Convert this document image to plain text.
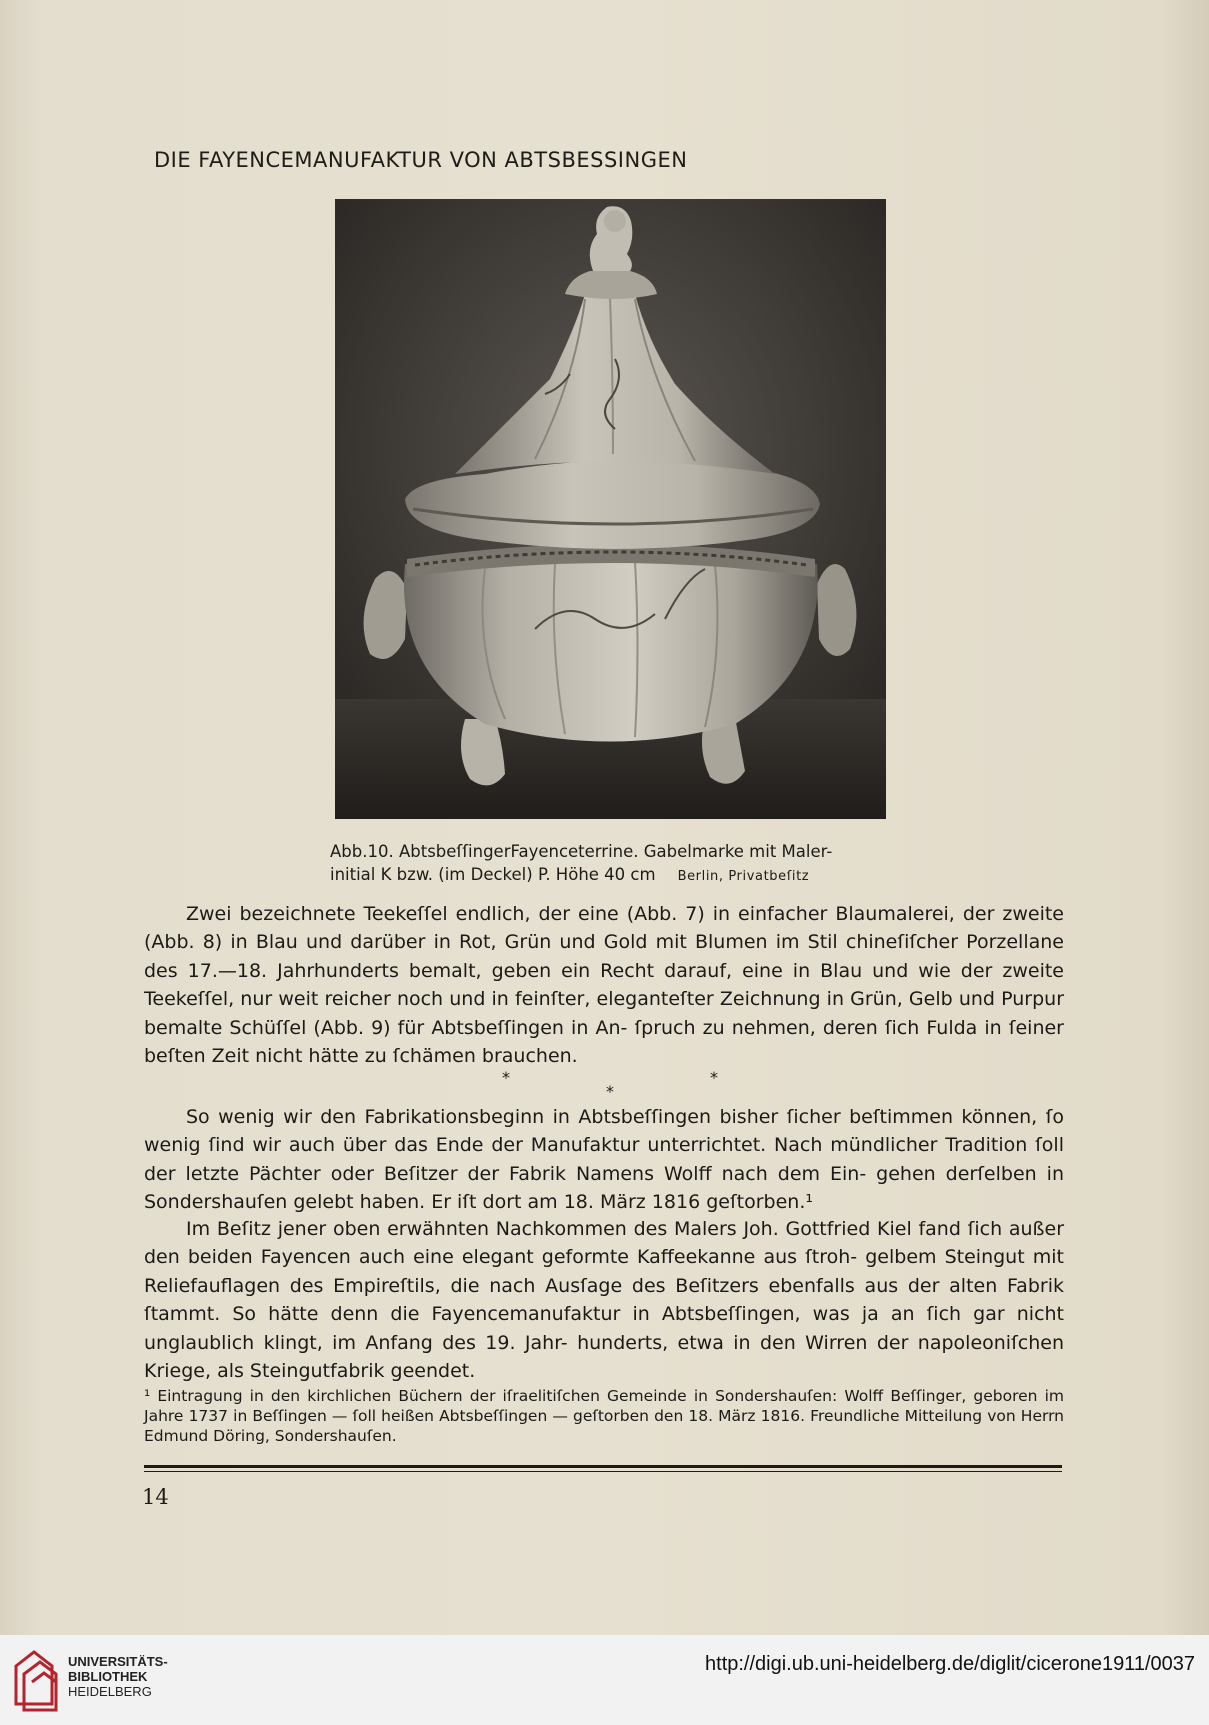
DIE FAYENCEMANUFAKTUR VON ABTSBESSINGEN
Abb.10. AbtsbeſſingerFayenceterrine. Gabelmarke mit Maler-
initial K bzw. (im Deckel) P. Höhe 40 cm Berlin, Privatbeſitz

Zwei bezeichnete Teekeſſel endlich, der eine (Abb. 7) in einfacher Blaumalerei, der zweite (Abb. 8) in Blau und darüber in Rot, Grün und Gold mit Blumen im Stil chineſiſcher Porzellane des 17.—18. Jahrhunderts bemalt, geben ein Recht darauf, eine in Blau und wie der zweite Teekeſſel, nur weit reicher noch und in feinſter, eleganteſter Zeichnung in Grün, Gelb und Purpur bemalte Schüſſel (Abb. 9) für Abtsbeſſingen in An- ſpruch zu nehmen, deren ſich Fulda in ſeiner beſten Zeit nicht hätte zu ſchämen brauchen.

*
*
*

So wenig wir den Fabrikationsbeginn in Abtsbeſſingen bisher ſicher beſtimmen können, ſo wenig ſind wir auch über das Ende der Manufaktur unterrichtet. Nach mündlicher Tradition ſoll der letzte Pächter oder Beſitzer der Fabrik Namens Wolff nach dem Ein- gehen derſelben in Sondershauſen gelebt haben. Er iſt dort am 18. März 1816 geſtorben.¹

Im Beſitz jener oben erwähnten Nachkommen des Malers Joh. Gottfried Kiel fand ſich außer den beiden Fayencen auch eine elegant geformte Kaffeekanne aus ſtroh- gelbem Steingut mit Reliefauflagen des Empireſtils, die nach Ausſage des Beſitzers ebenfalls aus der alten Fabrik ſtammt. So hätte denn die Fayencemanufaktur in Abtsbeſſingen, was ja an ſich gar nicht unglaublich klingt, im Anfang des 19. Jahr- hunderts, etwa in den Wirren der napoleoniſchen Kriege, als Steingutfabrik geendet.

¹ Eintragung in den kirchlichen Büchern der iſraelitiſchen Gemeinde in Sondershauſen: Wolff Beſſinger, geboren im Jahre 1737 in Beſſingen — ſoll heißen Abtsbeſſingen — geſtorben den 18. März 1816. Freundliche Mitteilung von Herrn Edmund Döring, Sondershauſen.
14
UNIVERSITÄTS-
BIBLIOTHEK
HEIDELBERG
http://digi.ub.uni-heidelberg.de/diglit/cicerone1911/0037
